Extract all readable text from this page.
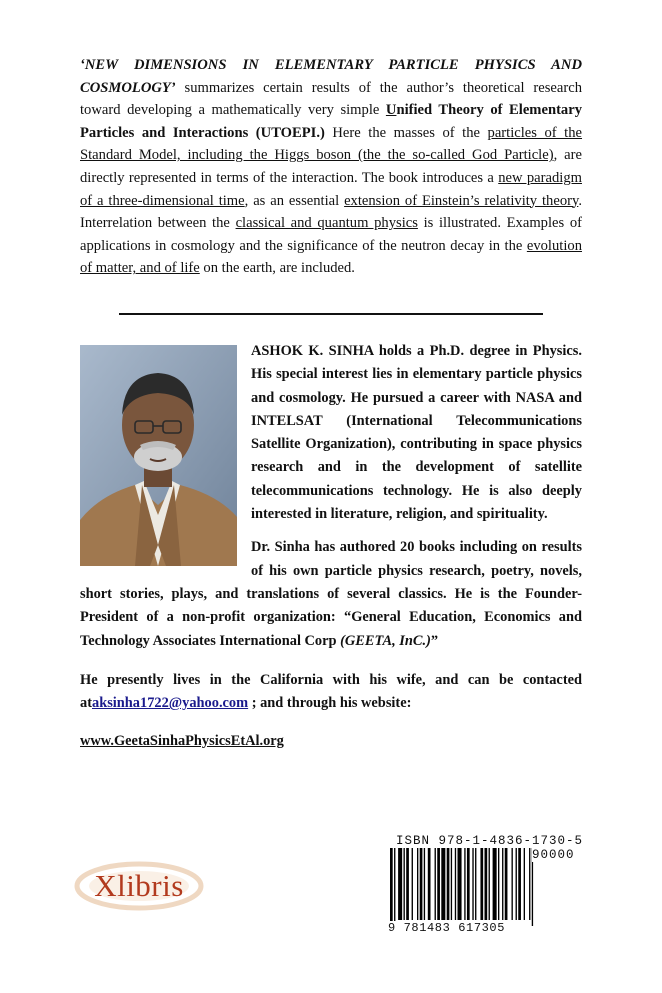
‘NEW DIMENSIONS IN ELEMENTARY PARTICLE PHYSICS AND COSMOLOGY’ summarizes certain results of the author’s theoretical research toward developing a mathematically very simple Unified Theory of Elementary Particles and Interactions (UTOEPI.) Here the masses of the particles of the Standard Model, including the Higgs boson (the the so-called God Particle), are directly represented in terms of the interaction. The book introduces a new paradigm of a three-dimensional time, as an essential extension of Einstein’s relativity theory. Interrelation between the classical and quantum physics is illustrated. Examples of applications in cosmology and the significance of the neutron decay in the evolution of matter, and of life on the earth, are included.

ASHOK K. SINHA holds a Ph.D. degree in Physics. His special interest lies in elementary particle physics and cosmology. He pursued a career with NASA and INTELSAT (International Telecommunications Satellite Organization), contributing in space physics research and in the development of satellite telecommunications technology. He is also deeply interested in literature, religion, and spirituality.

Dr. Sinha has authored 20 books including on results of his own particle physics research, poetry, novels, short stories, plays, and translations of several classics. He is the Founder-President of a non-profit organization: “General Education, Economics and Technology Associates International Corp (GEETA, InC.)”

He presently lives in the California with his wife, and can be contacted ataksinha1722@yahoo.com ; and through his website:

www.GeetaSinhaPhysicsEtAl.org
Xlibris
ISBN 978-1-4836-1730-5
90000
9 781483 617305
